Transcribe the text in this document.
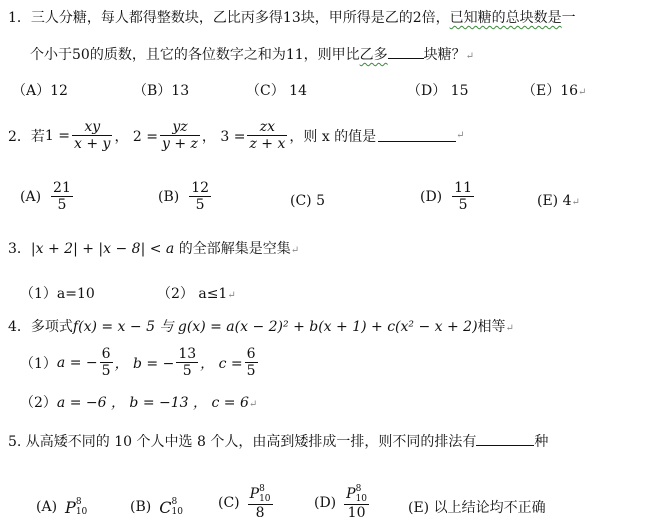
1．三人分糖，每人都得整数块，乙比丙多得13块，甲所得是乙的2倍，已知糖的总块数是一
个小于50的质数，且它的各位数字之和为11，则甲比乙多	块糖？↵
（A）12	（B）13	（C） 14	（D） 15	（E）16↵
2．若 $1 = \frac{xy}{x + y}$ ， $2 = \frac{yz}{y + z}$ ， $3 = \frac{zx}{z + x}$ ，则 x 的值是	↵
$(A) \frac{21}{5}$	$(B) \frac{12}{5}$	(C) 5	$(D) \frac{11}{5}$	(E) 4↵
3．|x + 2| + |x − 8| < a 的全部解集是空集↵
（1）a=10	（2） a≤1↵
4．多项式f(x) = x − 5 与 g(x) = a(x − 2)² + b(x + 1) + c(x² − x + 2)相等↵
（1） a = − $\frac{6}{5}$ ， b = − $\frac{13}{5}$ ， $c = \frac{6}{5}$
（2）a = −6 ， b = −13 ， c = 6↵
5. 从高矮不同的 10 个人中选 8 个人，由高到矮排成一排，则不同的排法有	种
(A) P 8
10	(B) C 8
10
(C)
P8
10
8
(D)
P8
10
10	(E) 以上结论均不正确
